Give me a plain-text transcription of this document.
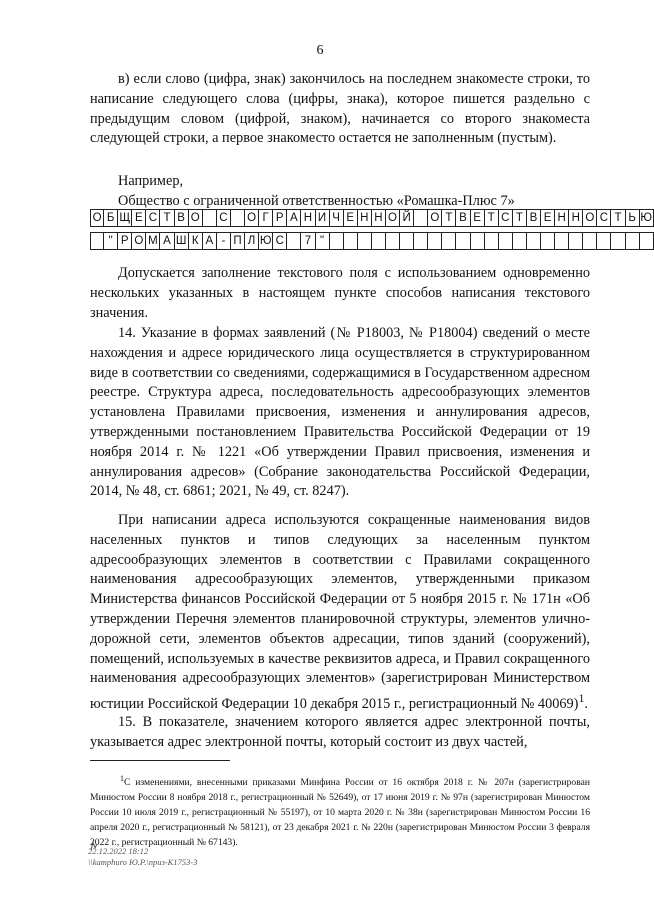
6

в) если слово (цифра, знак) закончилось на последнем знакоместе строки, то написание следующего слова (цифры, знака), которое пишется раздельно с предыдущим словом (цифрой, знаком), начинается со второго знакоместа следующей строки, а первое знакоместо остается не заполненным (пустым).

Например,
Общество с ограниченной ответственностью «Ромашка-Плюс 7»
О Б Щ Е С Т В О С О Г Р А Н И Ч Е Н Н О Й О Т В Е Т С Т В Е Н Н О С Т Ь Ю
" Р О М А Ш К А - П Л Ю С 7 "

Допускается заполнение текстового поля с использованием одновременно нескольких указанных в настоящем пункте способов написания текстового значения.

14. Указание в формах заявлений (№ Р18003, № Р18004) сведений о месте нахождения и адресе юридического лица осуществляется в структурированном виде в соответствии со сведениями, содержащимися в Государственном адресном реестре. Структура адреса, последовательность адресообразующих элементов установлена Правилами присвоения, изменения и аннулирования адресов, утвержденными постановлением Правительства Российской Федерации от 19 ноября 2014 г. № 1221 «Об утверждении Правил присвоения, изменения и аннулирования адресов» (Собрание законодательства Российской Федерации, 2014, № 48, ст. 6861; 2021, № 49, ст. 8247).

При написании адреса используются сокращенные наименования видов населенных пунктов и типов следующих за населенным пунктом адресообразующих элементов в соответствии с Правилами сокращенного наименования адресообразующих элементов, утвержденными приказом Министерства финансов Российской Федерации от 5 ноября 2015 г. № 171н «Об утверждении Перечня элементов планировочной структуры, элементов улично-дорожной сети, элементов объектов адресации, типов зданий (сооружений), помещений, используемых в качестве реквизитов адреса, и Правил сокращенного наименования адресообразующих элементов» (зарегистрирован Министерством юстиции Российской Федерации 10 декабря 2015 г., регистрационный № 40069)$^1$.

15. В показателе, значением которого является адрес электронной почты, указывается адрес электронной почты, который состоит из двух частей,

$^1$С изменениями, внесенными приказами Минфина России от 16 октября 2018 г. № 207н (зарегистрирован Минюстом России 8 ноября 2018 г., регистрационный № 52649), от 17 июня 2019 г. № 97н (зарегистрирован Минюстом России 10 июля 2019 г., регистрационный № 55197), от 10 марта 2020 г. № 38н (зарегистрирован Минюстом России 16 апреля 2020 г., регистрационный № 58121), от 23 декабря 2021 г. № 220н (зарегистрирован Минюстом России 3 февраля 2022 г., регистрационный № 67143).

22.12.2022 18:12
\\kamphuro Ю.Р.\приз-К1753-3
